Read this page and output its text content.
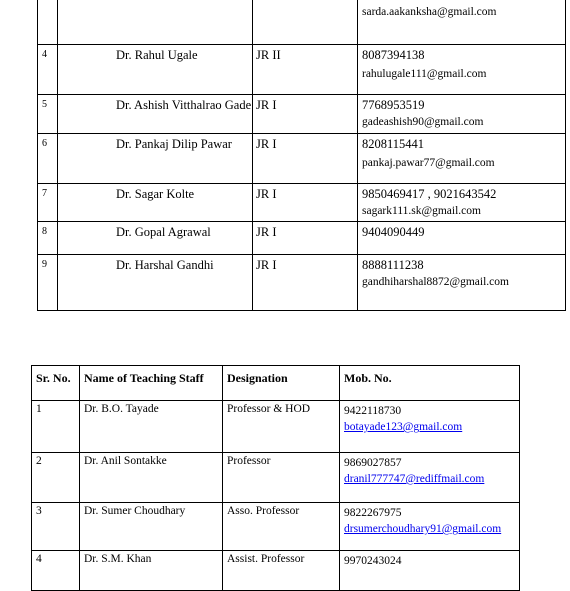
sarda.aakanksha@gmail.com

4	Dr. Rahul Ugale	JR II	8087394138
rahulugale111@gmail.com

5	Dr. Ashish Vitthalrao Gade	JR I	7768953519
gadeashish90@gmail.com

6	Dr. Pankaj Dilip Pawar	JR I	8208115441
pankaj.pawar77@gmail.com

7	Dr. Sagar Kolte	JR I	9850469417 , 9021643542
sagark111.sk@gmail.com

8	Dr. Gopal Agrawal	JR I	9404090449

9	Dr. Harshal Gandhi	JR I	8888111238
gandhiharshal8872@gmail.com
Sr. No.	Name of Teaching Staff	Designation	Mob. No.
1	Dr. B.O. Tayade	Professor & HOD	9422118730
botayade123@gmail.com

2	Dr. Anil Sontakke	Professor	9869027857
dranil777747@rediffmail.com

3	Dr. Sumer Choudhary	Asso. Professor	9822267975
drsumerchoudhary91@gmail.com

4	Dr. S.M. Khan	Assist. Professor	9970243024
